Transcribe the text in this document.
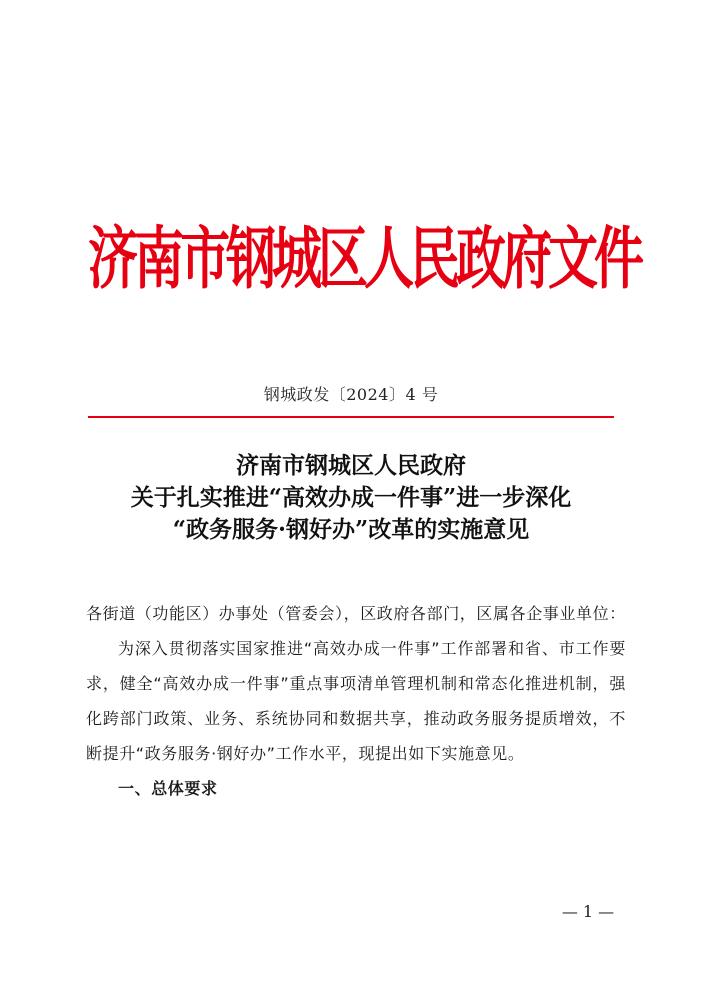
济南市钢城区人民政府文件
钢城政发〔2024〕4 号
济南市钢城区人民政府
关于扎实推进“高效办成一件事”进一步深化
“政务服务·钢好办”改革的实施意见

各街道（功能区）办事处（管委会），区政府各部门，区属各企事业单位：

为深入贯彻落实国家推进“高效办成一件事”工作部署和省、市工作要求，健全“高效办成一件事”重点事项清单管理机制和常态化推进机制，强化跨部门政策、业务、系统协同和数据共享，推动政务服务提质增效，不断提升“政务服务·钢好办”工作水平，现提出如下实施意见。

一、总体要求

— 1 —
